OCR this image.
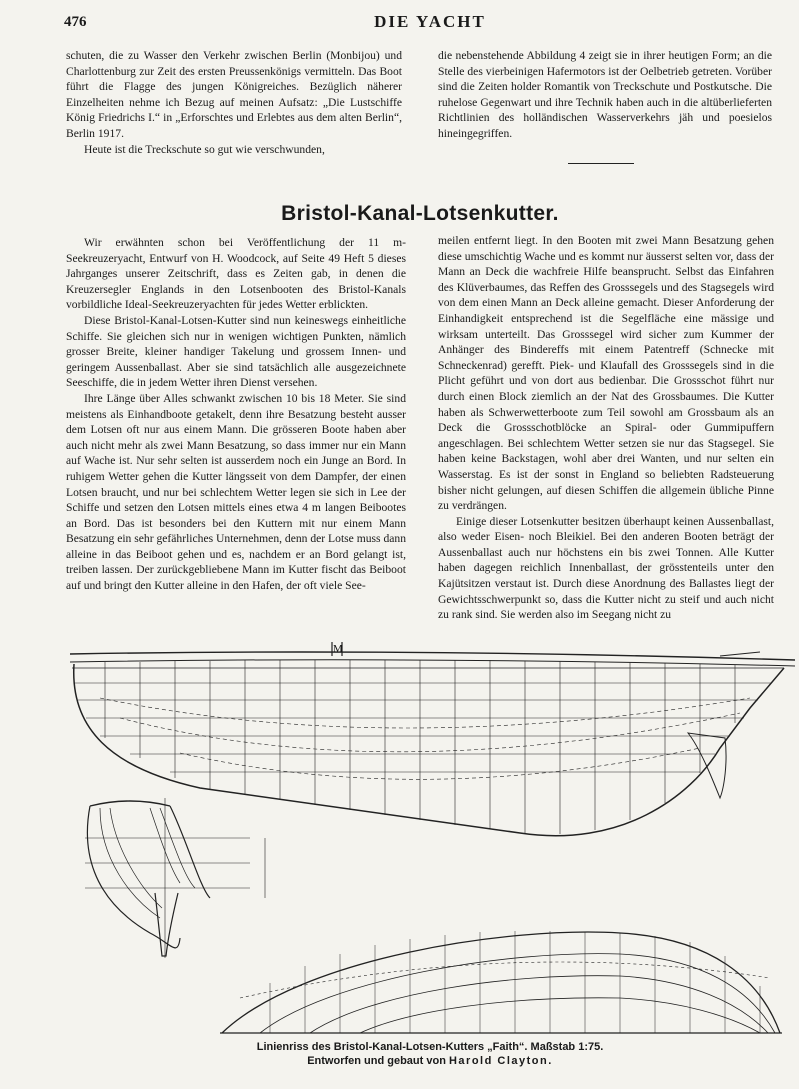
476	DIE YACHT

schuten, die zu Wasser den Verkehr zwischen Berlin (Monbijou) und Charlottenburg zur Zeit des ersten Preussenkönigs vermitteln. Das Boot führt die Flagge des jungen Königreiches. Bezüglich näherer Einzelheiten nehme ich Bezug auf meinen Aufsatz: „Die Lustschiffe König Friedrichs I.“ in „Erforschtes und Erlebtes aus dem alten Berlin“, Berlin 1917.

Heute ist die Treckschute so gut wie verschwunden,

die nebenstehende Abbildung 4 zeigt sie in ihrer heutigen Form; an die Stelle des vierbeinigen Hafermotors ist der Oelbetrieb getreten. Vorüber sind die Zeiten holder Romantik von Treckschute und Postkutsche. Die ruhelose Gegenwart und ihre Technik haben auch in die altüberlieferten Richtlinien des holländischen Wasserverkehrs jäh und poesielos hineingegriffen.

Bristol-Kanal-Lotsenkutter.

Wir erwähnten schon bei Veröffentlichung der 11 m-Seekreuzeryacht, Entwurf von H. Woodcock, auf Seite 49 Heft 5 dieses Jahrganges unserer Zeitschrift, dass es Zeiten gab, in denen die Kreuzersegler Englands in den Lotsenbooten des Bristol-Kanals vorbildliche Ideal-Seekreuzeryachten für jedes Wetter erblickten.

Diese Bristol-Kanal-Lotsen-Kutter sind nun keineswegs einheitliche Schiffe. Sie gleichen sich nur in wenigen wichtigen Punkten, nämlich grosser Breite, kleiner handiger Takelung und grossem Innen- und geringem Aussenballast. Aber sie sind tatsächlich alle ausgezeichnete Seeschiffe, die in jedem Wetter ihren Dienst versehen.

Ihre Länge über Alles schwankt zwischen 10 bis 18 Meter. Sie sind meistens als Einhandboote getakelt, denn ihre Besatzung besteht ausser dem Lotsen oft nur aus einem Mann. Die grösseren Boote haben aber auch nicht mehr als zwei Mann Besatzung, so dass immer nur ein Mann auf Wache ist. Nur sehr selten ist ausserdem noch ein Junge an Bord. In ruhigem Wetter gehen die Kutter längsseit von dem Dampfer, der einen Lotsen braucht, und nur bei schlechtem Wetter legen sie sich in Lee der Schiffe und setzen den Lotsen mittels eines etwa 4 m langen Beibootes an Bord. Das ist besonders bei den Kuttern mit nur einem Mann Besatzung ein sehr gefährliches Unternehmen, denn der Lotse muss dann alleine in das Beiboot gehen und es, nachdem er an Bord gelangt ist, treiben lassen. Der zurückgebliebene Mann im Kutter fischt das Beiboot auf und bringt den Kutter alleine in den Hafen, der oft viele See-

meilen entfernt liegt. In den Booten mit zwei Mann Besatzung gehen diese umschichtig Wache und es kommt nur äusserst selten vor, dass der Mann an Deck die wachfreie Hilfe beansprucht. Selbst das Einfahren des Klüverbaumes, das Reffen des Grosssegels und des Stagsegels wird von dem einen Mann an Deck alleine gemacht. Dieser Anforderung der Einhandigkeit entsprechend ist die Segelfläche eine mässige und wirksam unterteilt. Das Grosssegel wird sicher zum Kummer der Anhänger des Bindereffs mit einem Patentreff (Schnecke mit Schneckenrad) gerefft. Piek- und Klaufall des Grosssegels sind in die Plicht geführt und von dort aus bedienbar. Die Grossschot führt nur durch einen Block ziemlich an der Nat des Grossbaumes. Die Kutter haben als Schwerwetterboote zum Teil sowohl am Grossbaum als an Deck die Grossschotblöcke an Spiral- oder Gummipuffern angeschlagen. Bei schlechtem Wetter setzen sie nur das Stagsegel. Sie haben keine Backstagen, wohl aber drei Wanten, und nur selten ein Wasserstag. Es ist der sonst in England so beliebten Radsteuerung bisher nicht gelungen, auf diesen Schiffen die allgemein übliche Pinne zu verdrängen.

Einige dieser Lotsenkutter besitzen überhaupt keinen Aussenballast, also weder Eisen- noch Bleikiel. Bei den anderen Booten beträgt der Aussenballast auch nur höchstens ein bis zwei Tonnen. Alle Kutter haben dagegen reichlich Innenballast, der grösstenteils unter den Kajütsitzen verstaut ist. Durch diese Anordnung des Ballastes liegt der Gewichtsschwerpunkt so, dass die Kutter nicht zu steif und auch nicht zu rank sind. Sie werden also im Seegang nicht zu

M
Linienriss des Bristol-Kanal-Lotsen-Kutters „Faith“. Maßstab 1:75.
Entworfen und gebaut von Harold Clayton.
